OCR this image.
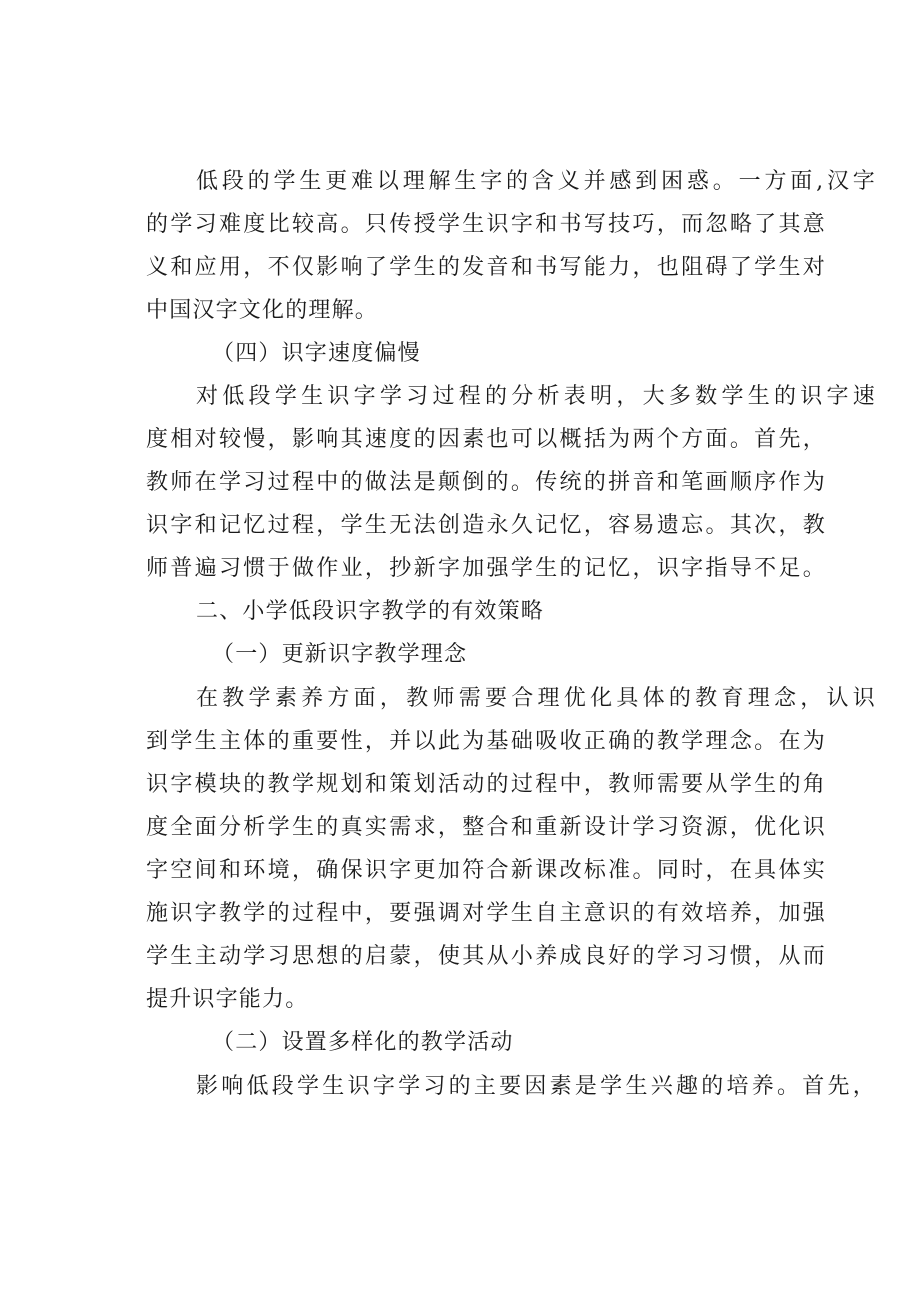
低段的学生更难以理解生字的含义并感到困惑。一方面,汉字
的学习难度比较高。只传授学生识字和书写技巧，而忽略了其意
义和应用，不仅影响了学生的发音和书写能力，也阻碍了学生对
中国汉字文化的理解。
（四）识字速度偏慢
对低段学生识字学习过程的分析表明，大多数学生的识字速
度相对较慢，影响其速度的因素也可以概括为两个方面。首先，
教师在学习过程中的做法是颠倒的。传统的拼音和笔画顺序作为
识字和记忆过程，学生无法创造永久记忆，容易遗忘。其次，教
师普遍习惯于做作业，抄新字加强学生的记忆，识字指导不足。
二、小学低段识字教学的有效策略
（一）更新识字教学理念
在教学素养方面，教师需要合理优化具体的教育理念，认识
到学生主体的重要性，并以此为基础吸收正确的教学理念。在为
识字模块的教学规划和策划活动的过程中，教师需要从学生的角
度全面分析学生的真实需求，整合和重新设计学习资源，优化识
字空间和环境，确保识字更加符合新课改标准。同时，在具体实
施识字教学的过程中，要强调对学生自主意识的有效培养，加强
学生主动学习思想的启蒙，使其从小养成良好的学习习惯，从而
提升识字能力。
（二）设置多样化的教学活动
影响低段学生识字学习的主要因素是学生兴趣的培养。首先，
